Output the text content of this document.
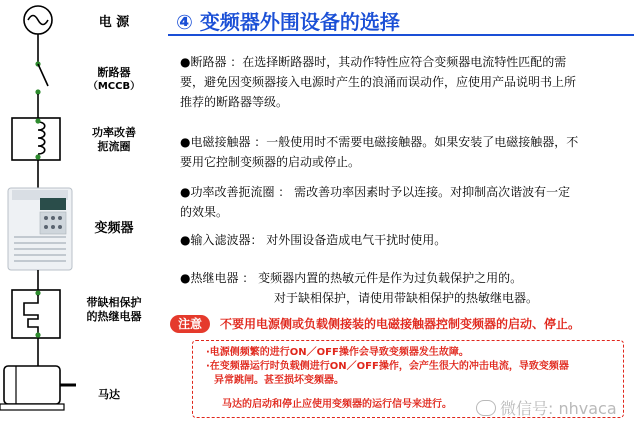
电 源
断路器
（MCCB）
功率改善
扼流圈
变频器
带缺相保护
的热继电器
马达
④ 变频器外围设备的选择
●断路器 ：在选择断路器时，其动作特性应符合变频器电流特性匹配的需
要，避免因变频器接入电源时产生的浪涌而误动作，应使用产品说明书上所
推荐的断路器等级。
●电磁接触器 ：一般使用时不需要电磁接触器。如果安装了电磁接触器，不
要用它控制变频器的启动或停止。
●功率改善扼流圈 ： 需改善功率因素时予以连接。对抑制高次谐波有一定
的效果。
●输入滤波器： 对外围设备造成电气干扰时使用。
●热继电器 ： 变频器内置的热敏元件是作为过负载保护之用的。
对于缺相保护，请使用带缺相保护的热敏继电器。
注意	不要用电源侧或负载侧接装的电磁接触器控制变频器的启动、停止。
·电源侧频繁的进行ON／OFF操作会导致变频器发生故障。
·在变频器运行时负载侧进行ON／OFF操作，会产生很大的冲击电流，导致变频器
异常跳闸。甚至损坏变频器。
马达的启动和停止应使用变频器的运行信号来进行。	微信号: nhvaca
